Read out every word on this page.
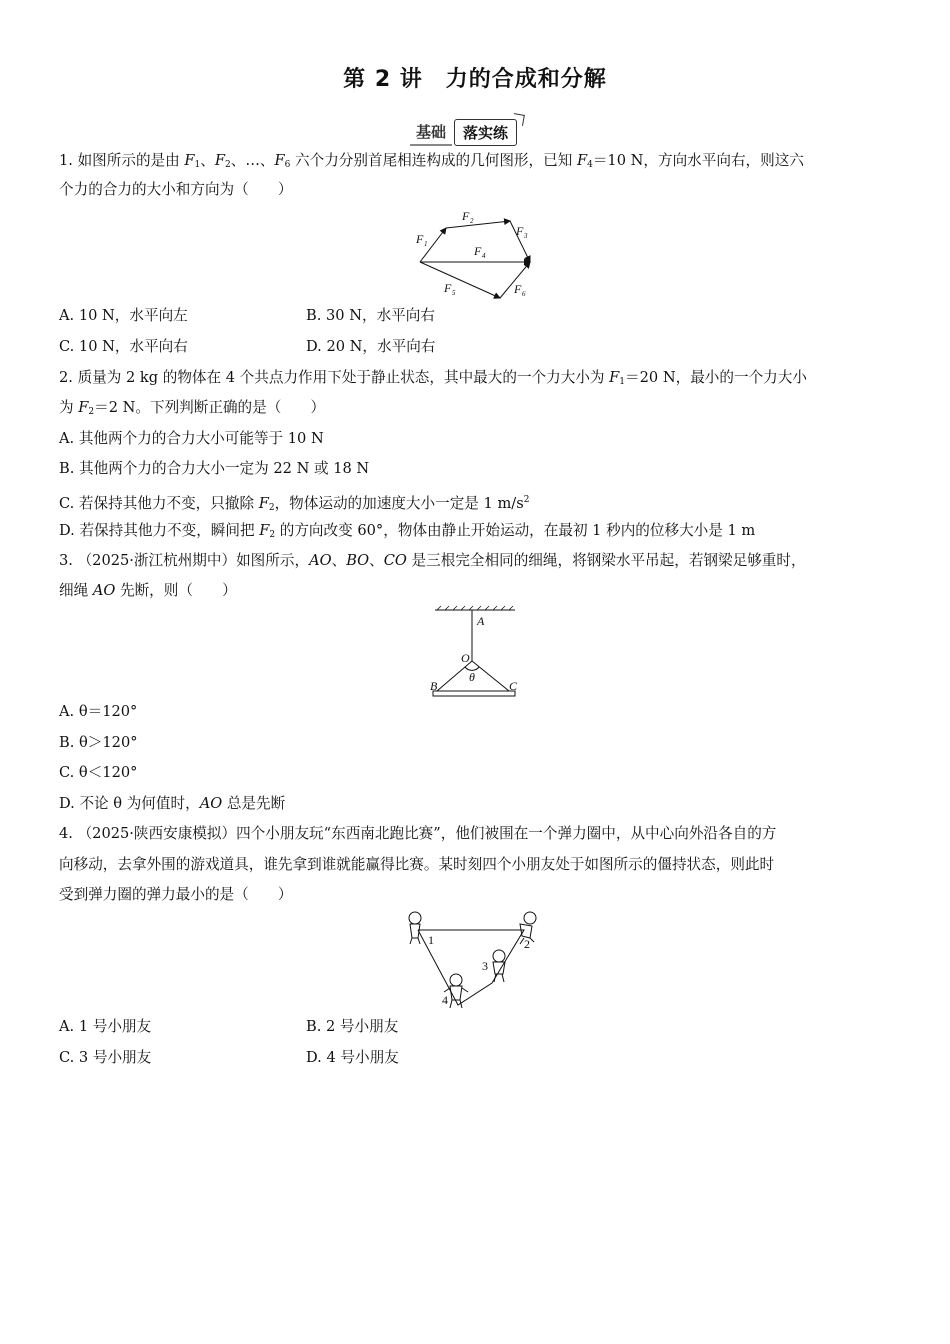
第 2 讲　力的合成和分解
基础	落实练
1. 如图所示的是由 $F_1$、$F_2$、…、$F_6$ 六个力分别首尾相连构成的几何图形，已知 $F_4=10$ N，方向水平向右，则这六
个力的合力的大小和方向为（　　）
F 1
F 2
F 3
F 4
F 5	F 6
A. 10 N，水平向左	B. 30 N，水平向右
C. 10 N，水平向右	D. 20 N，水平向右
2. 质量为 2 kg 的物体在 4 个共点力作用下处于静止状态，其中最大的一个力大小为 $F_1=20$ N，最小的一个力大小
为 $F_2=2$ N。下列判断正确的是（　　）
A. 其他两个力的合力大小可能等于 10 N
B. 其他两个力的合力大小一定为 22 N 或 18 N
C. 若保持其他力不变，只撤除 $F_2$，物体运动的加速度大小一定是 1 $m/s^2$
D. 若保持其他力不变，瞬间把 $F_2$ 的方向改变 60°，物体由静止开始运动，在最初 1 秒内的位移大小是 1 m
3. （2025·浙江杭州期中）如图所示，AO、BO、CO 是三根完全相同的细绳，将钢梁水平吊起，若钢梁足够重时，
细绳 AO 先断，则（　　）
A
O
θ
B	C
A. θ＝120°
B. θ＞120°
C. θ＜120°
D. 不论 θ 为何值时，AO 总是先断
4. （2025·陕西安康模拟）四个小朋友玩“东西南北跑比赛”，他们被围在一个弹力圈中，从中心向外沿各自的方
向移动，去拿外围的游戏道具，谁先拿到谁就能赢得比赛。某时刻四个小朋友处于如图所示的僵持状态，则此时
受到弹力圈的弹力最小的是（　　）
1	2
3
4
A. 1 号小朋友	B. 2 号小朋友
C. 3 号小朋友	D. 4 号小朋友
